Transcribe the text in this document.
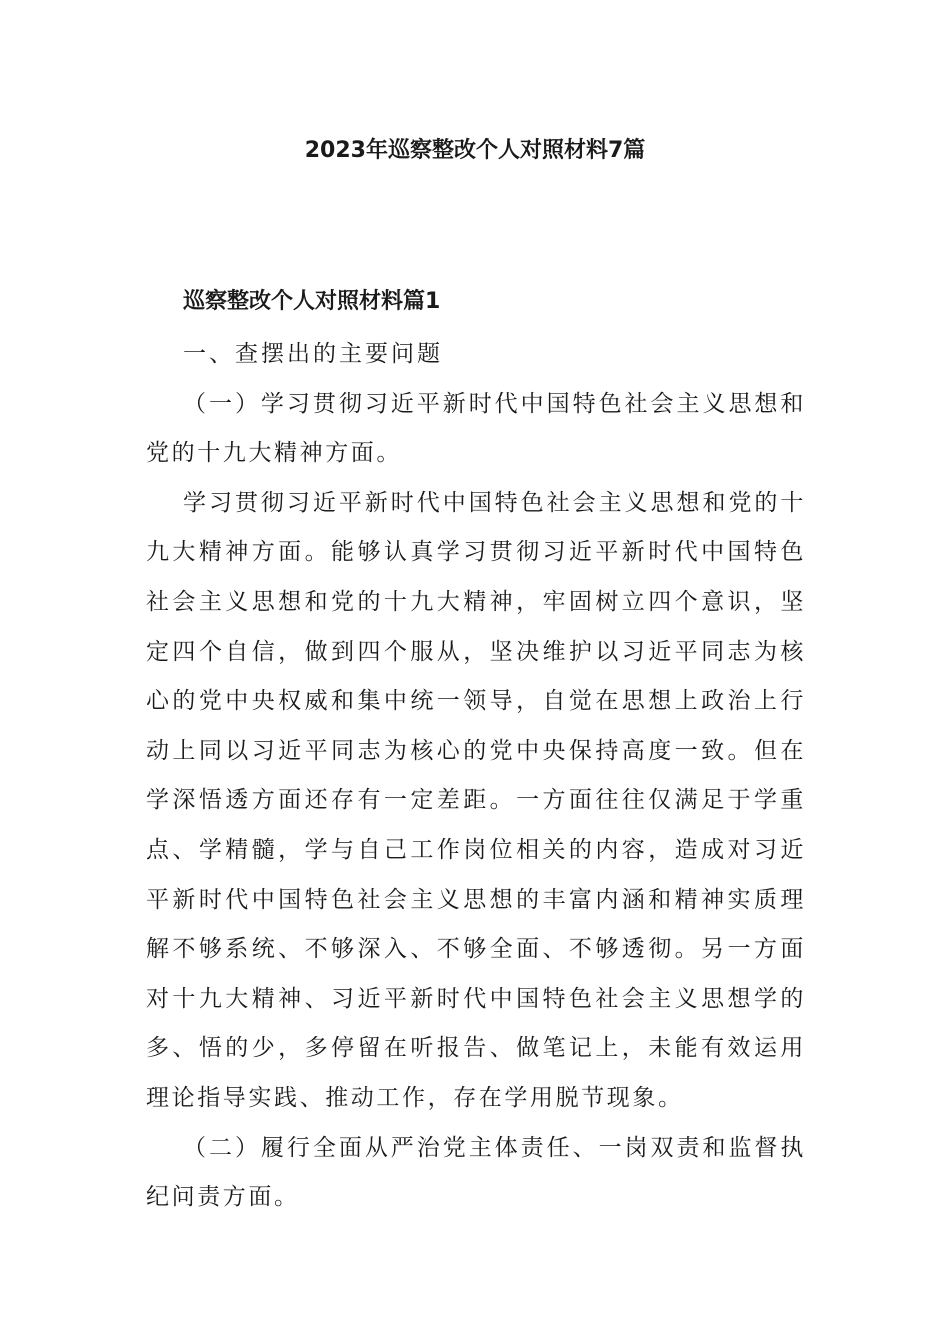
2023年巡察整改个人对照材料7篇
巡察整改个人对照材料篇1

一、查摆出的主要问题

（一）学习贯彻习近平新时代中国特色社会主义思想和党的十九大精神方面。

学习贯彻习近平新时代中国特色社会主义思想和党的十九大精神方面。能够认真学习贯彻习近平新时代中国特色社会主义思想和党的十九大精神，牢固树立四个意识，坚定四个自信，做到四个服从，坚决维护以习近平同志为核心的党中央权威和集中统一领导，自觉在思想上政治上行动上同以习近平同志为核心的党中央保持高度一致。但在学深悟透方面还存有一定差距。一方面往往仅满足于学重点、学精髓，学与自己工作岗位相关的内容，造成对习近平新时代中国特色社会主义思想的丰富内涵和精神实质理解不够系统、不够深入、不够全面、不够透彻。另一方面对十九大精神、习近平新时代中国特色社会主义思想学的多、悟的少，多停留在听报告、做笔记上，未能有效运用理论指导实践、推动工作，存在学用脱节现象。

（二）履行全面从严治党主体责任、一岗双责和监督执纪问责方面。
